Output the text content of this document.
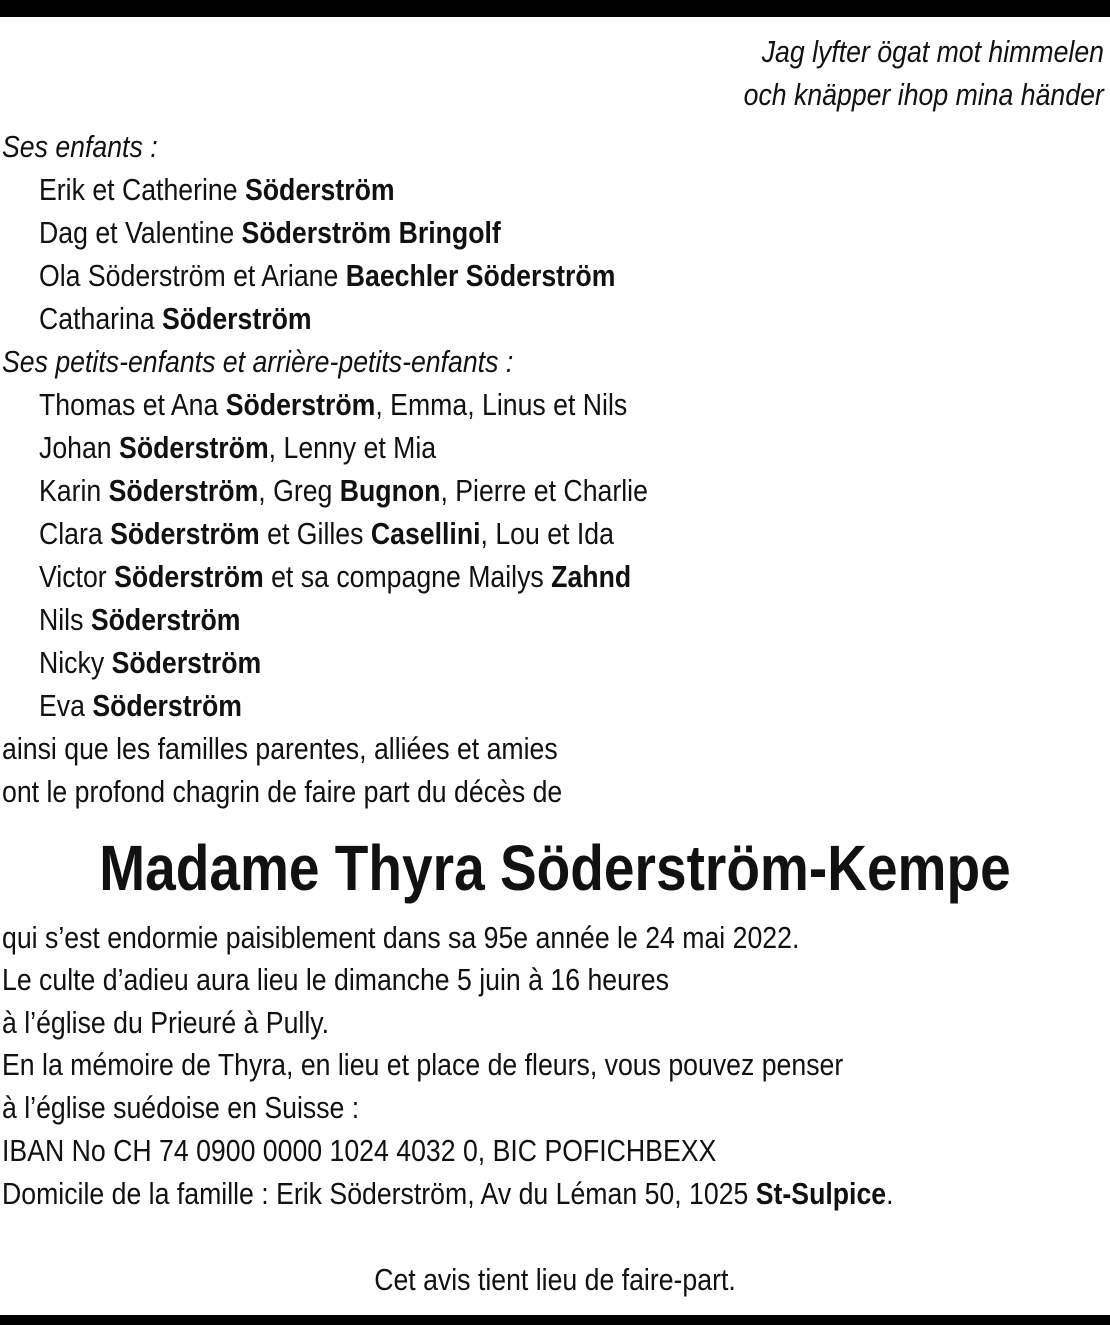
Jag lyfter ögat mot himmelen
och knäpper ihop mina händer
Ses enfants :
Erik et Catherine Söderström
Dag et Valentine Söderström Bringolf
Ola Söderström et Ariane Baechler Söderström
Catharina Söderström
Ses petits-enfants et arrière-petits-enfants :
Thomas et Ana Söderström, Emma, Linus et Nils
Johan Söderström, Lenny et Mia
Karin Söderström, Greg Bugnon, Pierre et Charlie
Clara Söderström et Gilles Casellini, Lou et Ida
Victor Söderström et sa compagne Mailys Zahnd
Nils Söderström
Nicky Söderström
Eva Söderström
ainsi que les familles parentes, alliées et amies
ont le profond chagrin de faire part du décès de
Madame Thyra Söderström-Kempe
qui s’est endormie paisiblement dans sa 95e année le 24 mai 2022.
Le culte d’adieu aura lieu le dimanche 5 juin à 16 heures
à l’église du Prieuré à Pully.
En la mémoire de Thyra, en lieu et place de fleurs, vous pouvez penser
à l’église suédoise en Suisse :
IBAN No CH 74 0900 0000 1024 4032 0, BIC POFICHBEXX
Domicile de la famille : Erik Söderström, Av du Léman 50, 1025 St-Sulpice.
Cet avis tient lieu de faire-part.
